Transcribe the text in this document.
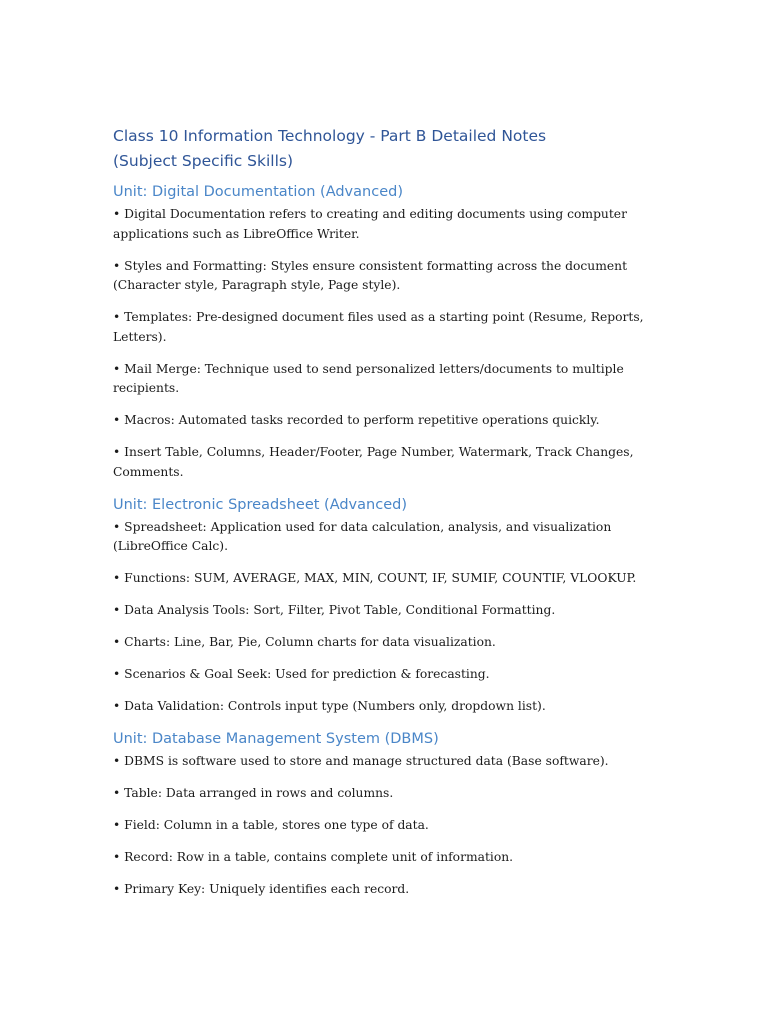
Class 10 Information Technology - Part B Detailed Notes
(Subject Specific Skills)
Unit: Digital Documentation (Advanced)

• Digital Documentation refers to creating and editing documents using computer applications such as LibreOffice Writer.

• Styles and Formatting: Styles ensure consistent formatting across the document (Character style, Paragraph style, Page style).

• Templates: Pre-designed document files used as a starting point (Resume, Reports, Letters).

• Mail Merge: Technique used to send personalized letters/documents to multiple recipients.

• Macros: Automated tasks recorded to perform repetitive operations quickly.

• Insert Table, Columns, Header/Footer, Page Number, Watermark, Track Changes, Comments.

Unit: Electronic Spreadsheet (Advanced)

• Spreadsheet: Application used for data calculation, analysis, and visualization (LibreOffice Calc).

• Functions: SUM, AVERAGE, MAX, MIN, COUNT, IF, SUMIF, COUNTIF, VLOOKUP.

• Data Analysis Tools: Sort, Filter, Pivot Table, Conditional Formatting.

• Charts: Line, Bar, Pie, Column charts for data visualization.

• Scenarios & Goal Seek: Used for prediction & forecasting.

• Data Validation: Controls input type (Numbers only, dropdown list).

Unit: Database Management System (DBMS)

• DBMS is software used to store and manage structured data (Base software).

• Table: Data arranged in rows and columns.

• Field: Column in a table, stores one type of data.

• Record: Row in a table, contains complete unit of information.

• Primary Key: Uniquely identifies each record.
